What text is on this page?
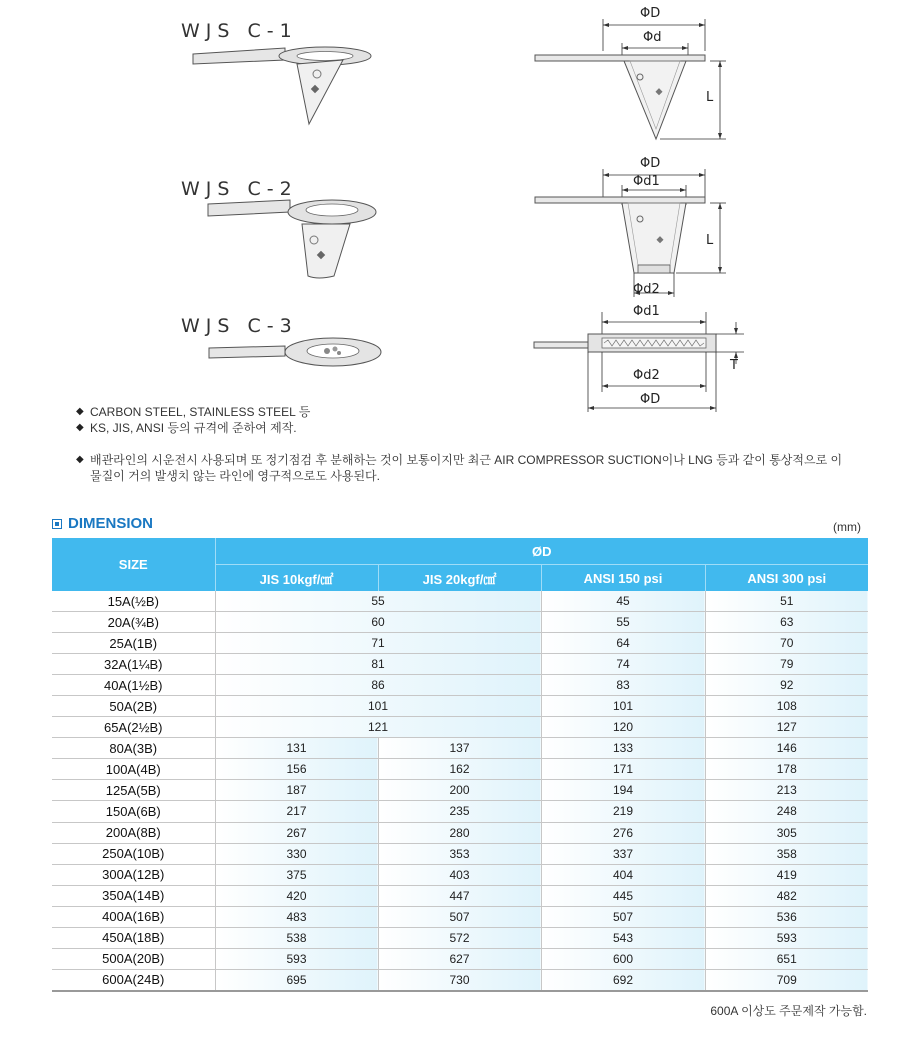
WJS C-1
WJS C-2
WJS C-3
ΦD
Φd
L
ΦD
Φd1
L
Φd2
Φd1
T
Φd2
ΦD
◆ CARBON STEEL, STAINLESS STEEL 등
◆ KS, JIS, ANSI 등의 규격에 준하여 제작.
◆ 배관라인의 시운전시 사용되며 또 정기점검 후 분해하는 것이 보통이지만 최근 AIR COMPRESSOR SUCTION이나 LNG 등과 같이 통상적으로 이
물질이 거의 발생치 않는 라인에 영구적으로도 사용된다.
DIMENSION	(mm)
SIZE	ØD			
	JIS 10kgf/㎠	JIS 20kgf/㎠	ANSI 150 psi	ANSI 300 psi
15A(½B)	55		45	51
20A(¾B)	60		55	63
25A(1B)	71		64	70
32A(1¼B)	81		74	79
40A(1½B)	86		83	92
50A(2B)	101		101	108
65A(2½B)	121		120	127
80A(3B)	131	137	133	146
100A(4B)	156	162	171	178
125A(5B)	187	200	194	213
150A(6B)	217	235	219	248
200A(8B)	267	280	276	305
250A(10B)	330	353	337	358
300A(12B)	375	403	404	419
350A(14B)	420	447	445	482
400A(16B)	483	507	507	536
450A(18B)	538	572	543	593
500A(20B)	593	627	600	651
600A(24B)	695	730	692	709
600A 이상도 주문제작 가능함.
